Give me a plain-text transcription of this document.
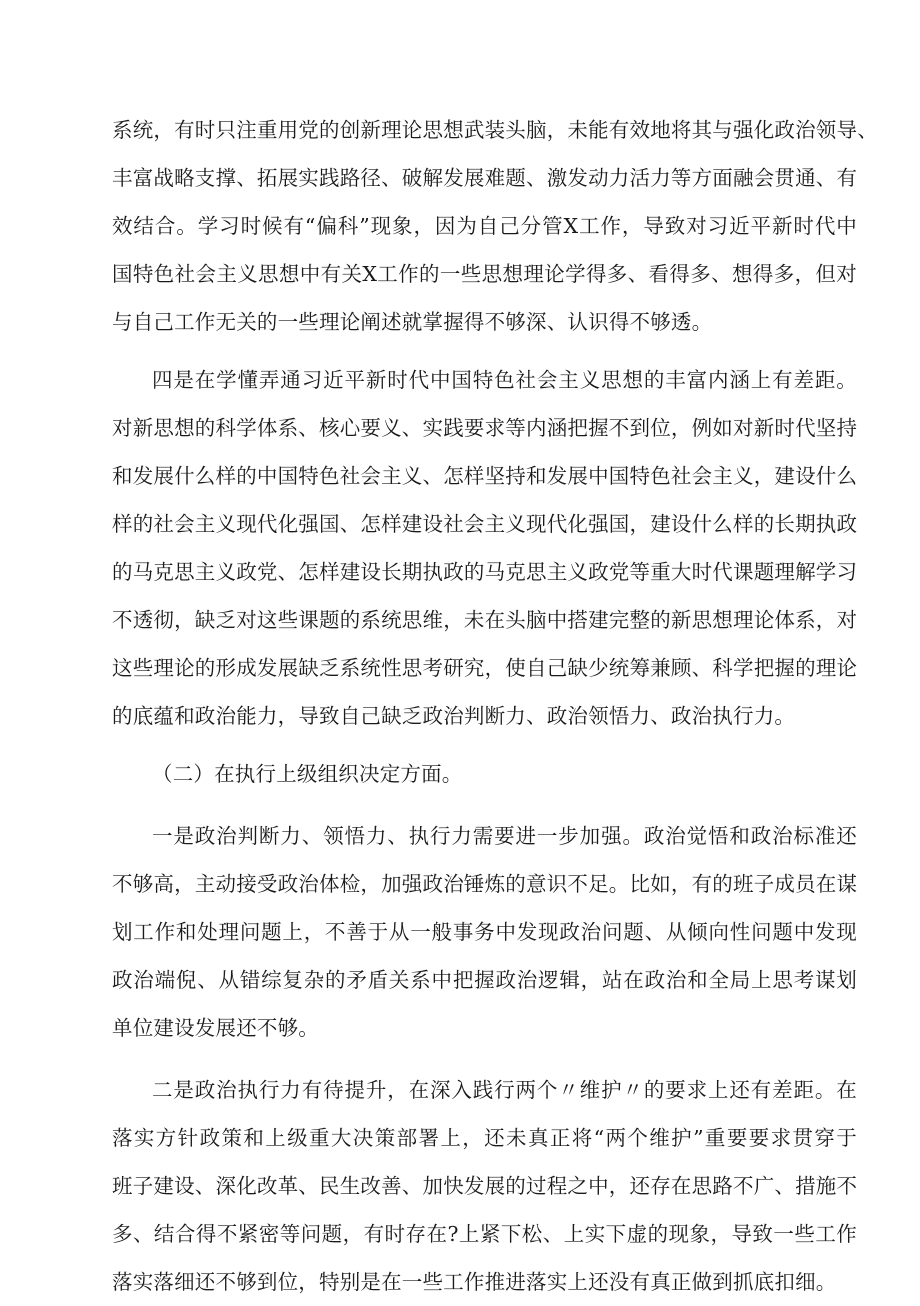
系统，有时只注重用党的创新理论思想武装头脑，未能有效地将其与强化政治领导、
丰富战略支撑、拓展实践路径、破解发展难题、激发动力活力等方面融会贯通、有
效结合。学习时候有“偏科”现象，因为自己分管X工作，导致对习近平新时代中
国特色社会主义思想中有关X工作的一些思想理论学得多、看得多、想得多，但对
与自己工作无关的一些理论阐述就掌握得不够深、认识得不够透。
四是在学懂弄通习近平新时代中国特色社会主义思想的丰富内涵上有差距。
对新思想的科学体系、核心要义、实践要求等内涵把握不到位，例如对新时代坚持
和发展什么样的中国特色社会主义、怎样坚持和发展中国特色社会主义，建设什么
样的社会主义现代化强国、怎样建设社会主义现代化强国，建设什么样的长期执政
的马克思主义政党、怎样建设长期执政的马克思主义政党等重大时代课题理解学习
不透彻，缺乏对这些课题的系统思维，未在头脑中搭建完整的新思想理论体系，对
这些理论的形成发展缺乏系统性思考研究，使自己缺少统筹兼顾、科学把握的理论
的底蕴和政治能力，导致自己缺乏政治判断力、政治领悟力、政治执行力。
（二）在执行上级组织决定方面。
一是政治判断力、领悟力、执行力需要进一步加强。政治觉悟和政治标准还
不够高，主动接受政治体检，加强政治锤炼的意识不足。比如，有的班子成员在谋
划工作和处理问题上，不善于从一般事务中发现政治问题、从倾向性问题中发现
政治端倪、从错综复杂的矛盾关系中把握政治逻辑，站在政治和全局上思考谋划
单位建设发展还不够。
二是政治执行力有待提升，在深入践行两个〃维护〃的要求上还有差距。在
落实方针政策和上级重大决策部署上，还未真正将“两个维护”重要要求贯穿于
班子建设、深化改革、民生改善、加快发展的过程之中，还存在思路不广、措施不
多、结合得不紧密等问题，有时存在?上紧下松、上实下虚的现象，导致一些工作
落实落细还不够到位，特别是在一些工作推进落实上还没有真正做到抓底扣细。
